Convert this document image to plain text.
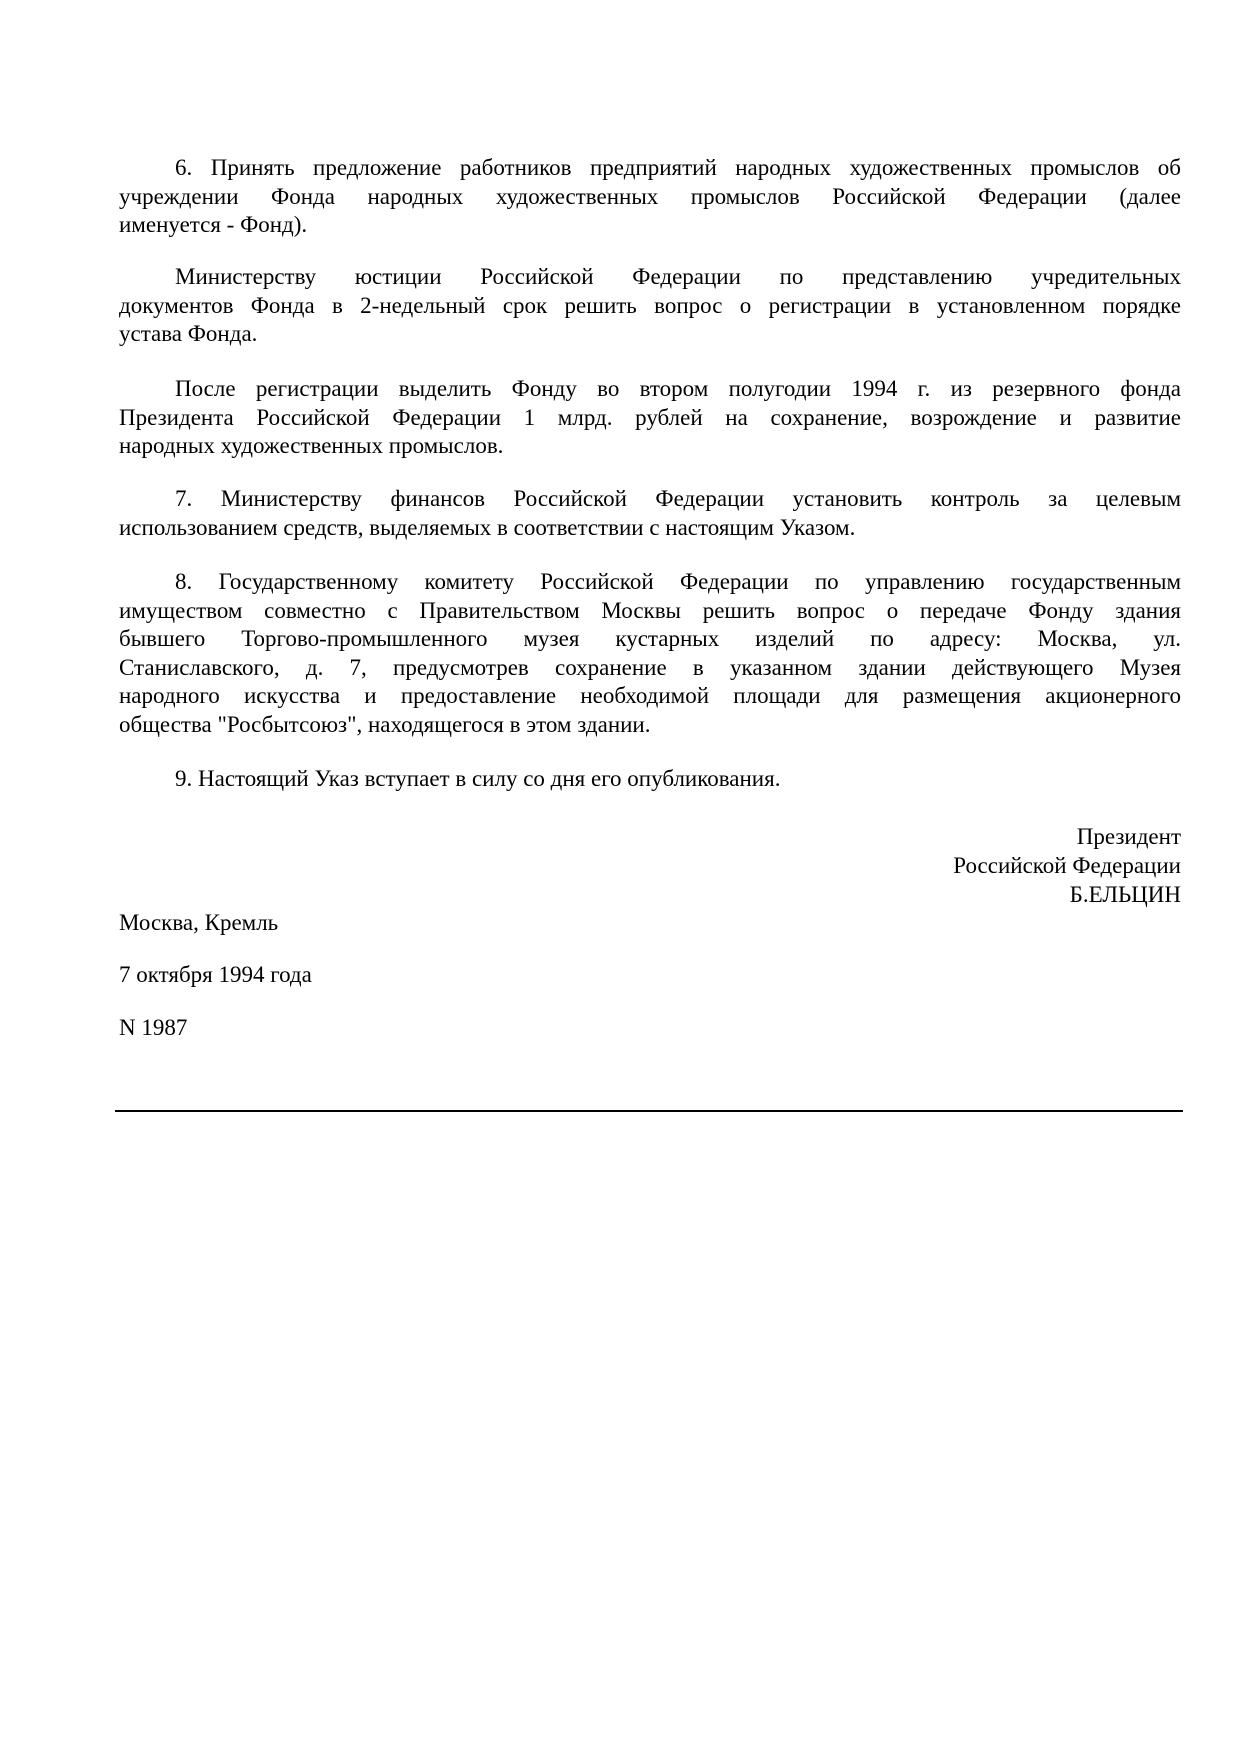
6. Принять предложение работников предприятий народных художественных промыслов об
учреждении Фонда народных художественных промыслов Российской Федерации (далее
именуется - Фонд).
Министерству юстиции Российской Федерации по представлению учредительных
документов Фонда в 2-недельный срок решить вопрос о регистрации в установленном порядке
устава Фонда.
После регистрации выделить Фонду во втором полугодии 1994 г. из резервного фонда
Президента Российской Федерации 1 млрд. рублей на сохранение, возрождение и развитие
народных художественных промыслов.
7. Министерству финансов Российской Федерации установить контроль за целевым
использованием средств, выделяемых в соответствии с настоящим Указом.
8. Государственному комитету Российской Федерации по управлению государственным
имуществом совместно с Правительством Москвы решить вопрос о передаче Фонду здания
бывшего Торгово-промышленного музея кустарных изделий по адресу: Москва, ул.
Станиславского, д. 7, предусмотрев сохранение в указанном здании действующего Музея
народного искусства и предоставление необходимой площади для размещения акционерного
общества "Росбытсоюз", находящегося в этом здании.
9. Настоящий Указ вступает в силу со дня его опубликования.
Президент
Российской Федерации
Б.ЕЛЬЦИН
Москва, Кремль
7 октября 1994 года
N 1987
